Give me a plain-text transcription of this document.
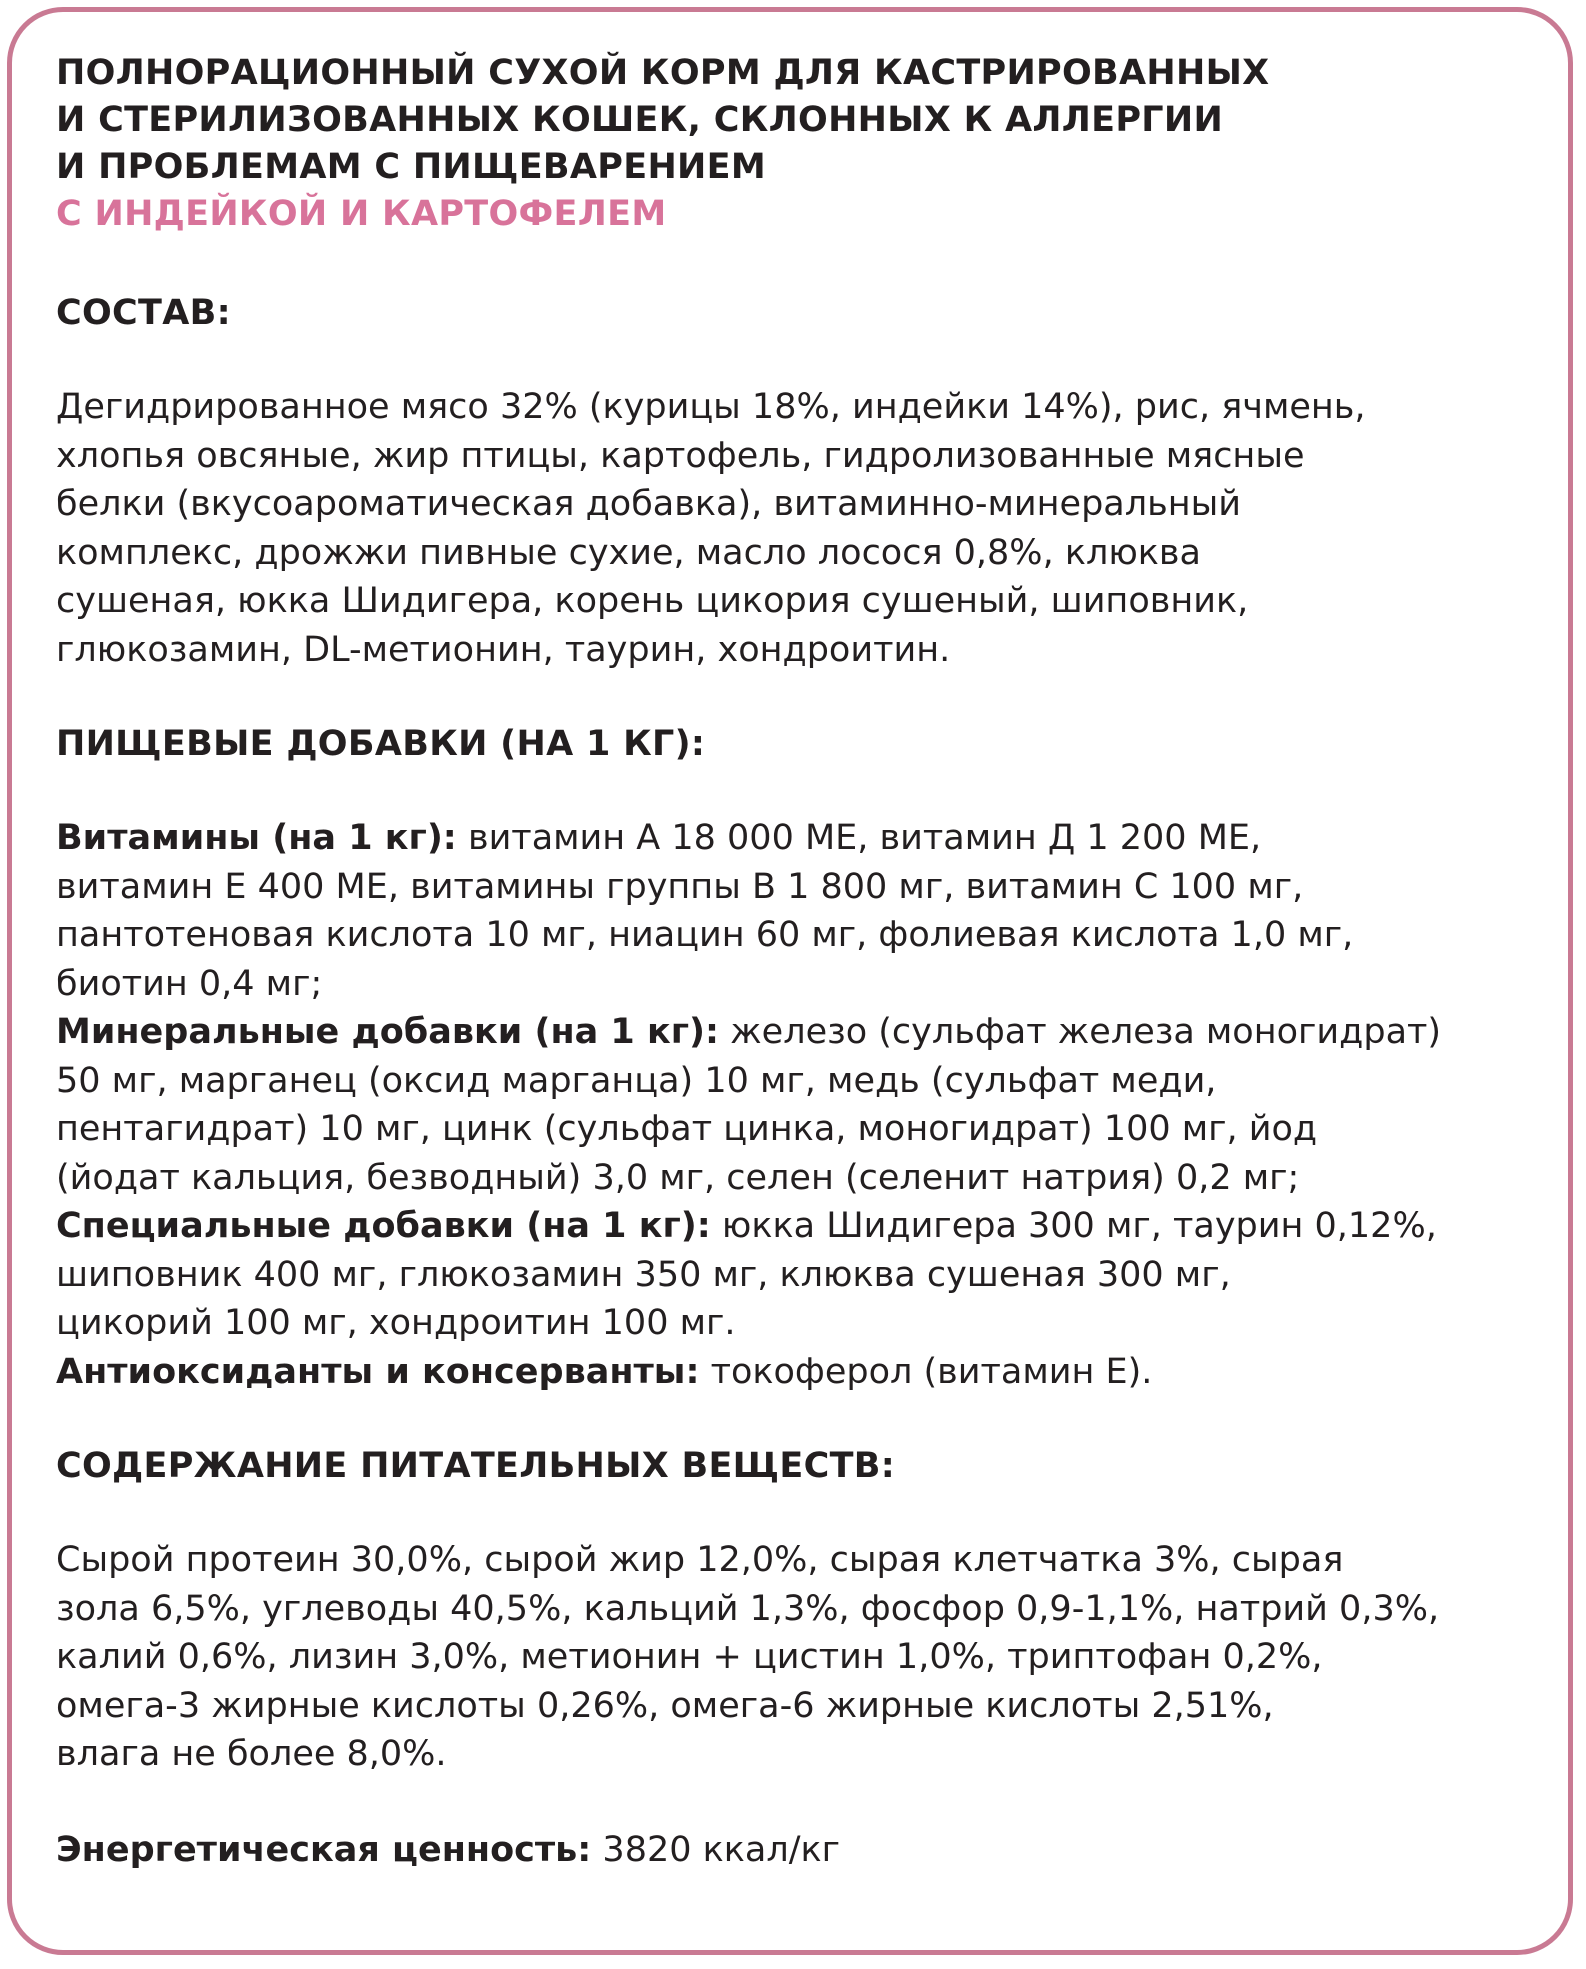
ПОЛНОРАЦИОННЫЙ СУХОЙ КОРМ ДЛЯ КАСТРИРОВАННЫХ

И СТЕРИЛИЗОВАННЫХ КОШЕК, СКЛОННЫХ К АЛЛЕРГИИ

И ПРОБЛЕМАМ С ПИЩЕВАРЕНИЕМ

С ИНДЕЙКОЙ И КАРТОФЕЛЕМ

СОСТАВ:

Дегидрированное мясо 32% (курицы 18%, индейки 14%), рис, ячмень,

хлопья овсяные, жир птицы, картофель, гидролизованные мясные

белки (вкусоароматическая добавка), витаминно-минеральный

комплекс, дрожжи пивные сухие, масло лосося 0,8%, клюква

сушеная, юкка Шидигера, корень цикория сушеный, шиповник,

глюкозамин, DL-метионин, таурин, хондроитин.

ПИЩЕВЫЕ ДОБАВКИ (НА 1 КГ):

Витамины (на 1 кг): витамин А 18 000 МЕ, витамин Д 1 200 МЕ,

витамин Е 400 МЕ, витамины группы В 1 800 мг, витамин С 100 мг,

пантотеновая кислота 10 мг, ниацин 60 мг, фолиевая кислота 1,0 мг,

биотин 0,4 мг;

Минеральные добавки (на 1 кг): железо (сульфат железа моногидрат)

50 мг, марганец (оксид марганца) 10 мг, медь (сульфат меди,

пентагидрат) 10 мг, цинк (сульфат цинка, моногидрат) 100 мг, йод

(йодат кальция, безводный) 3,0 мг, селен (селенит натрия) 0,2 мг;

Специальные добавки (на 1 кг): юкка Шидигера 300 мг, таурин 0,12%,

шиповник 400 мг, глюкозамин 350 мг, клюква сушеная 300 мг,

цикорий 100 мг, хондроитин 100 мг.

Антиоксиданты и консерванты: токоферол (витамин Е).

СОДЕРЖАНИЕ ПИТАТЕЛЬНЫХ ВЕЩЕСТВ:

Сырой протеин 30,0%, сырой жир 12,0%, сырая клетчатка 3%, сырая

зола 6,5%, углеводы 40,5%, кальций 1,3%, фосфор 0,9-1,1%, натрий 0,3%,

калий 0,6%, лизин 3,0%, метионин + цистин 1,0%, триптофан 0,2%,

омега-3 жирные кислоты 0,26%, омега-6 жирные кислоты 2,51%,

влага не более 8,0%.

Энергетическая ценность: 3820 ккал/кг
